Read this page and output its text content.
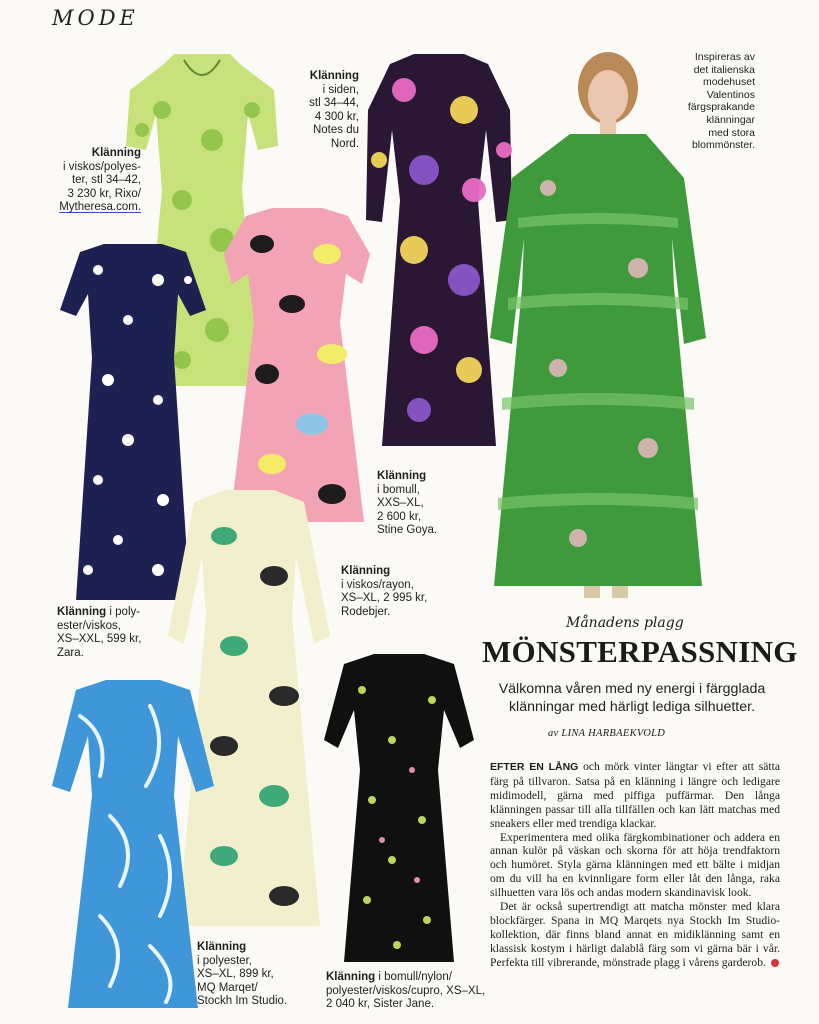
MODE
Klänning
i viskos/polyes-
ter, stl 34–42,
3 230 kr, Rixo/
Mytheresa.com.
Klänning
i siden,
stl 34–44,
4 300 kr,
Notes du
Nord.
Inspireras av
det italienska
modehuset
Valentinos
färgsprakande
klänningar
med stora
blommönster.
Klänning
i bomull,
XXS–XL,
2 600 kr,
Stine Goya.
Klänning
i viskos/rayon,
XS–XL, 2 995 kr,
Rodebjer.
Klänning i poly-
ester/viskos,
XS–XXL, 599 kr,
Zara.
Klänning
i polyester,
XS–XL, 899 kr,
MQ Marqet/
Stockh Im Studio.
Klänning i bomull/nylon/
polyester/viskos/cupro, XS–XL,
2 040 kr, Sister Jane.
Månadens plagg
MÖNSTERPASSNING
Välkomna våren med ny energi i färgglada klänningar med härligt lediga silhuetter.
av LINA HARBAEKVOLD

EFTER EN LÅNG och mörk vinter längtar vi efter att sätta färg på tillvaron. Satsa på en klänning i längre och ledigare midimodell, gärna med piffiga puffärmar. Den långa klänningen passar till alla tillfällen och kan lätt matchas med sneakers eller med trendiga klackar.

Experimentera med olika färgkombinationer och addera en annan kulör på väskan och skorna för att höja trendfaktorn och humöret. Styla gärna klänningen med ett bälte i midjan om du vill ha en kvinnligare form eller låt den långa, raka silhuetten vara lös och andas modern skandinavisk look.

Det är också supertrendigt att matcha mönster med klara blockfärger. Spana in MQ Marqets nya Stockh Im Studio-kollektion, där finns bland annat en midiklänning samt en klassisk kostym i härligt dalablå färg som vi gärna bär i vår. Perfekta till vibrerande, mönstrade plagg i vårens garderob.
